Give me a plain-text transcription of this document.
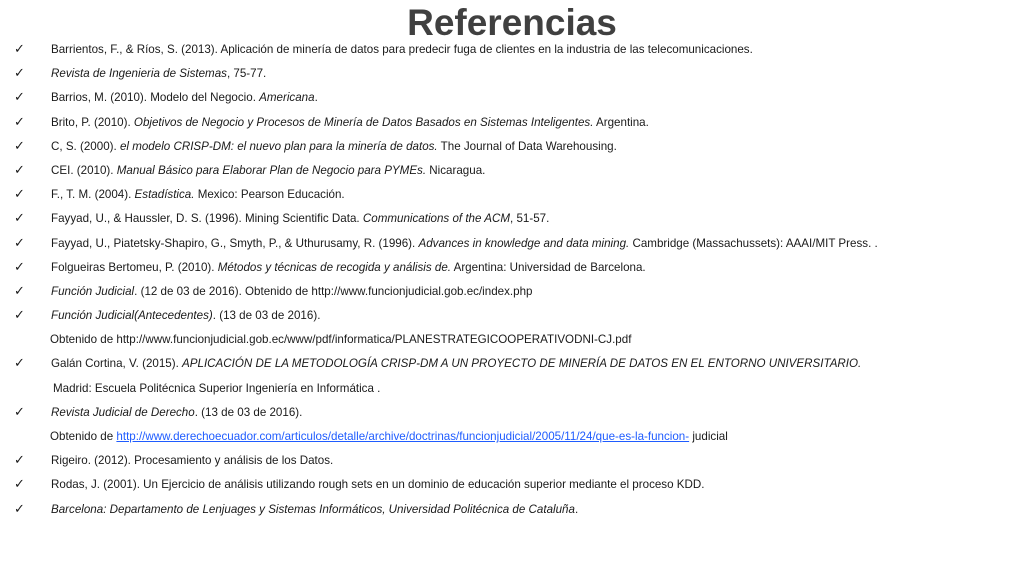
Referencias
✓ Barrientos, F., & Ríos, S. (2013). Aplicación de minería de datos para predecir fuga de clientes en la industria de las telecomunicaciones.
✓ Revista de Ingenieria de Sistemas, 75-77.
✓ Barrios, M. (2010). Modelo del Negocio. Americana.
✓ Brito, P. (2010). Objetivos de Negocio y Procesos de Minería de Datos Basados en Sistemas Inteligentes. Argentina.
✓ C, S. (2000). el modelo CRISP-DM: el nuevo plan para la minería de datos. The Journal of Data Warehousing.
✓ CEI. (2010). Manual Básico para Elaborar Plan de Negocio para PYMEs. Nicaragua.
✓ F., T. M. (2004). Estadística. Mexico: Pearson Educación.
✓ Fayyad, U., & Haussler, D. S. (1996). Mining Scientific Data. Communications of the ACM, 51-57.
✓ Fayyad, U., Piatetsky-Shapiro, G., Smyth, P., & Uthurusamy, R. (1996). Advances in knowledge and data mining. Cambridge (Massachussets): AAAI/MIT Press. .
✓ Folgueiras Bertomeu, P. (2010). Métodos y técnicas de recogida y análisis de. Argentina: Universidad de Barcelona.
✓ Función Judicial. (12 de 03 de 2016). Obtenido de http://www.funcionjudicial.gob.ec/index.php
✓ Función Judicial(Antecedentes). (13 de 03 de 2016).
Obtenido de http://www.funcionjudicial.gob.ec/www/pdf/informatica/PLANESTRATEGICOOPERATIVODNI-CJ.pdf
✓ Galán Cortina, V. (2015). APLICACIÓN DE LA METODOLOGÍA CRISP-DM A UN PROYECTO DE MINERÍA DE DATOS EN EL ENTORNO UNIVERSITARIO.
Madrid: Escuela Politécnica Superior Ingeniería en Informática .
✓ Revista Judicial de Derecho. (13 de 03 de 2016).
Obtenido de http://www.derechoecuador.com/articulos/detalle/archive/doctrinas/funcionjudicial/2005/11/24/que-es-la-funcion- judicial
✓ Rigeiro. (2012). Procesamiento y análisis de los Datos.
✓ Rodas, J. (2001). Un Ejercicio de análisis utilizando rough sets en un dominio de educación superior mediante el proceso KDD.
✓ Barcelona: Departamento de Lenjuages y Sistemas Informáticos, Universidad Politécnica de Cataluña.
